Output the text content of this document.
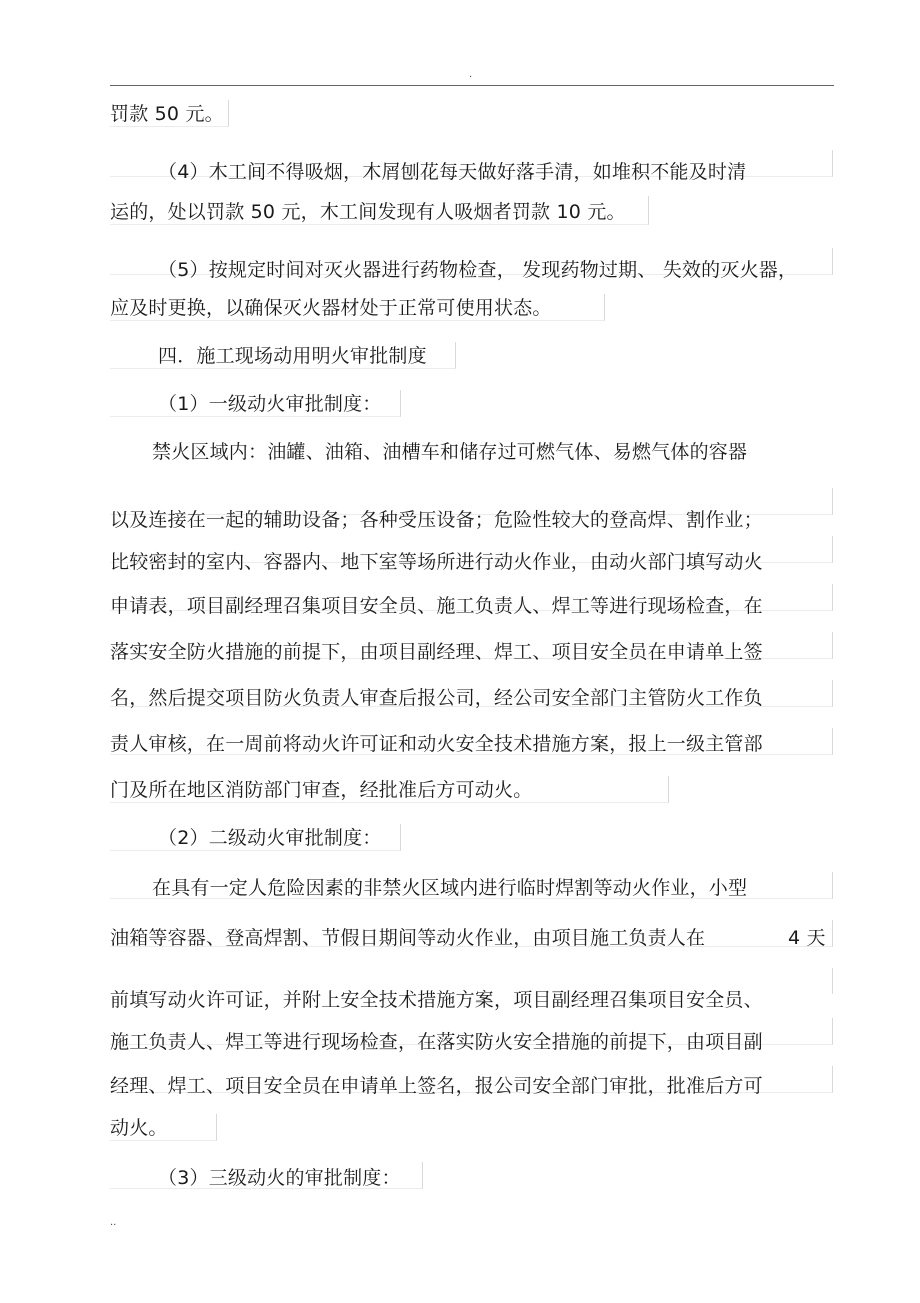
.
罚款 50 元。
（4）木工间不得吸烟，木屑刨花每天做好落手清，如堆积不能及时清
运的，处以罚款 50 元，木工间发现有人吸烟者罚款 10 元。
（5）按规定时间对灭火器进行药物检查， 发现药物过期、 失效的灭火器，
应及时更换，以确保灭火器材处于正常可使用状态。
四．施工现场动用明火审批制度
（1）一级动火审批制度：
禁火区域内：油罐、油箱、油槽车和储存过可燃气体、易燃气体的容器
以及连接在一起的辅助设备；各种受压设备；危险性较大的登高焊、割作业；
比较密封的室内、容器内、地下室等场所进行动火作业，由动火部门填写动火
申请表，项目副经理召集项目安全员、施工负责人、焊工等进行现场检查，在
落实安全防火措施的前提下，由项目副经理、焊工、项目安全员在申请单上签
名，然后提交项目防火负责人审查后报公司，经公司安全部门主管防火工作负
责人审核，在一周前将动火许可证和动火安全技术措施方案，报上一级主管部
门及所在地区消防部门审查，经批准后方可动火。
（2）二级动火审批制度：
在具有一定人危险因素的非禁火区域内进行临时焊割等动火作业，小型
油箱等容器、登高焊割、节假日期间等动火作业，由项目施工负责人在	4 天
前填写动火许可证，并附上安全技术措施方案，项目副经理召集项目安全员、
施工负责人、焊工等进行现场检查，在落实防火安全措施的前提下，由项目副
经理、焊工、项目安全员在申请单上签名，报公司安全部门审批，批准后方可
动火。
（3）三级动火的审批制度：
..
